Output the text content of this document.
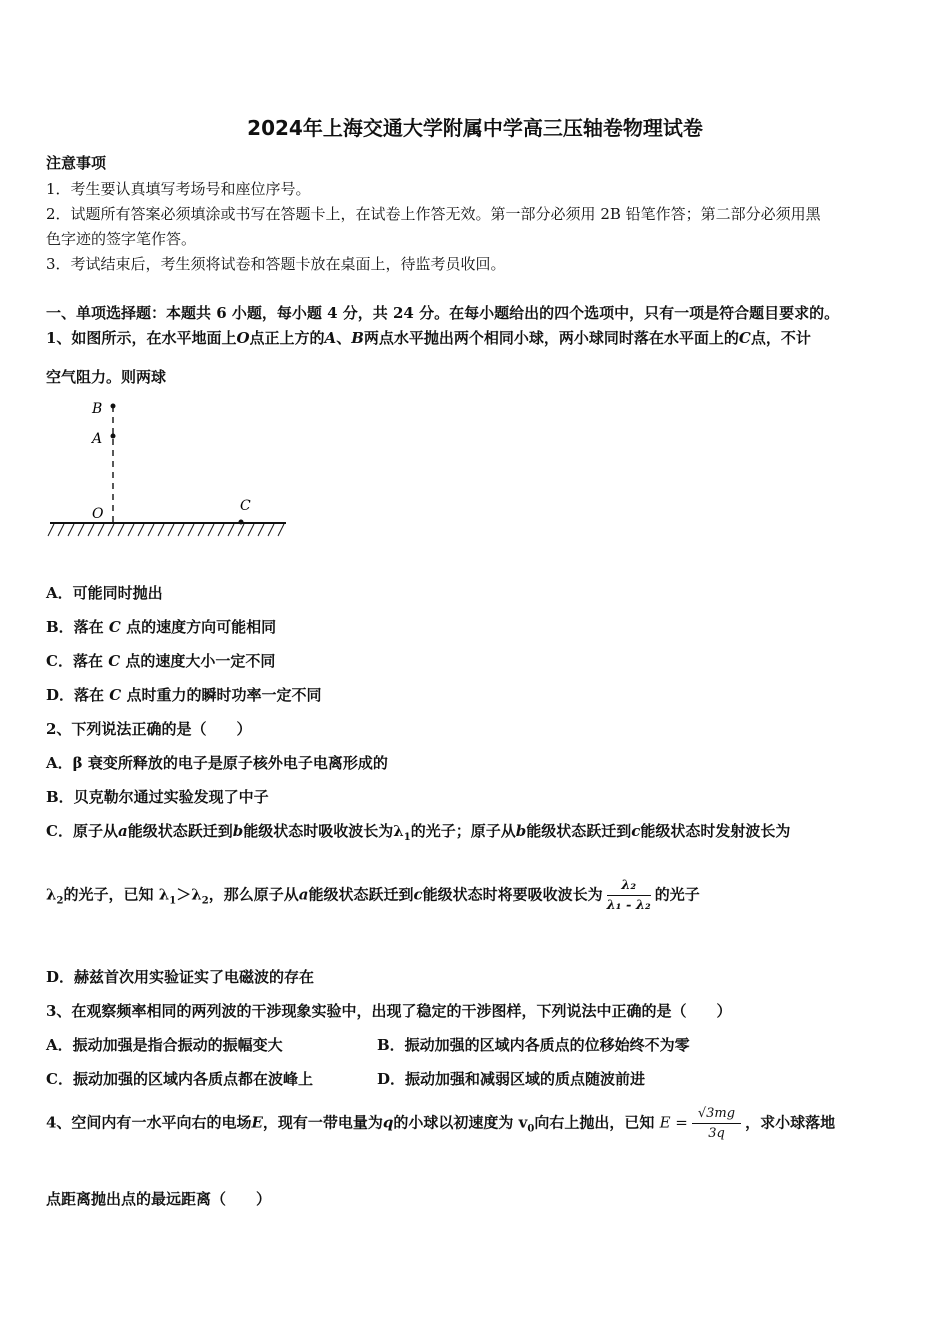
2024年上海交通大学附属中学高三压轴卷物理试卷
注意事项
1．考生要认真填写考场号和座位序号。
2．试题所有答案必须填涂或书写在答题卡上，在试卷上作答无效。第一部分必须用 2B 铅笔作答；第二部分必须用黑
色字迹的签字笔作答。
3．考试结束后，考生须将试卷和答题卡放在桌面上，待监考员收回。
一、单项选择题：本题共 6 小题，每小题 4 分，共 24 分。在每小题给出的四个选项中，只有一项是符合题目要求的。
1、如图所示，在水平地面上O点正上方的A、B两点水平抛出两个相同小球，两小球同时落在水平面上的C点，不计
空气阻力。则两球
B
A
O	C
A．可能同时抛出
B．落在 C 点的速度方向可能相同
C．落在 C 点的速度大小一定不同
D．落在 C 点时重力的瞬时功率一定不同
2、下列说法正确的是（　　）
A．β 衰变所释放的电子是原子核外电子电离形成的
B．贝克勒尔通过实验发现了中子
C．原子从a能级状态跃迁到b能级状态时吸收波长为$\lambda_1$的光子；原子从b能级状态跃迁到c能级状态时发射波长为
$\lambda_2$的光子，已知 $\lambda_1>\lambda_2$，那么原子从a能级状态跃迁到c能级状态时将要吸收波长为 $\frac{\text{λ₂}}{\text{λ₁ - λ₂}}$ 的光子
D．赫兹首次用实验证实了电磁波的存在
3、在观察频率相同的两列波的干涉现象实验中，出现了稳定的干涉图样，下列说法中正确的是（　　）
A．振动加强是指合振动的振幅变大	B．振动加强的区域内各质点的位移始终不为零
C．振动加强的区域内各质点都在波峰上	D．振动加强和减弱区域的质点随波前进
4、空间内有一水平向右的电场E，现有一带电量为q的小球以初速度为 $v_0$向右上抛出，已知 $E = \frac{√3mg}{3q}$ ，求小球落地
点距离抛出点的最远距离（　　）
